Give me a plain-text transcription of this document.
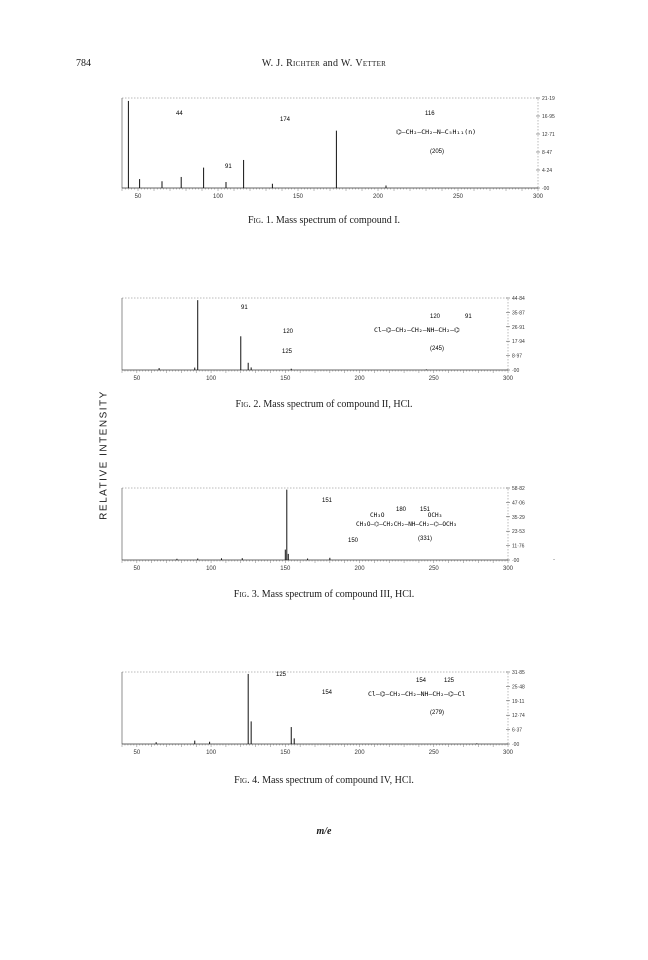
784	W. J. Richter and W. Vetter
RELATIVE INTENSITY
50	100	150	200	250	300
21·19
16·95
12·71
8·47
4·24
·00
44
174
91
116
⌬–CH₂–CH₂–N–C₅H₁₁(n)
(205)
Fig. 1. Mass spectrum of compound I.
50	100	150	200	250	300
44·84
35·87
26·91
17·94
8·97
·00
91
120
125
91
120
Cl–⌬–CH₂–CH₂–NH–CH₂–⌬
(245)
Fig. 2. Mass spectrum of compound II, HCl.
50	100	150	200	250	300
58·82
47·06
35·29
23·53
11·76
·00
151
180 151
150
CH₃O            OCH₃
CH₃O–⌬–CH₂CH₂–NH–CH₂–⌬–OCH₃
(331)
Fig. 3. Mass spectrum of compound III, HCl.
50	100	150	200	250	300
31·85
25·48
19·11
12·74
6·37
·00
125
154
154	125
Cl–⌬–CH₂–CH₂–NH–CH₂–⌬–Cl
(279)
Fig. 4. Mass spectrum of compound IV, HCl.
m/e
